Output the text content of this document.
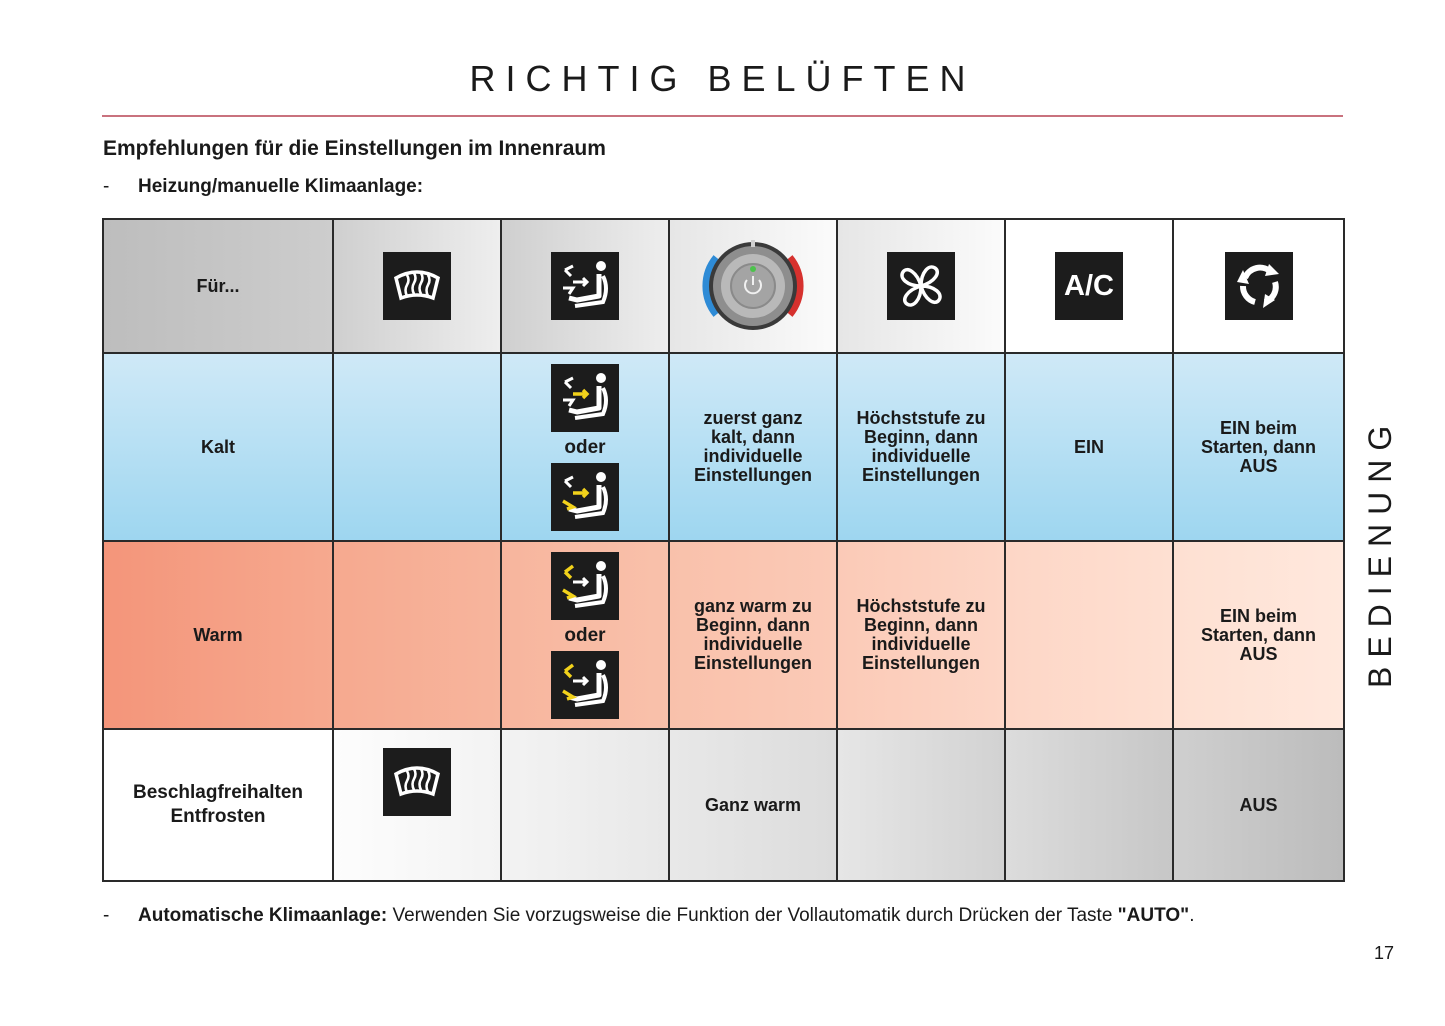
RICHTIG BELÜFTEN
Empfehlungen für die Einstellungen im Innenraum
- Heizung/manuelle Klimaanlage:
Für...					A/C

Kalt		oder	zuerst ganz kalt, dann individuelle Einstellungen	Höchststufe zu Beginn, dann individuelle Einstellungen	EIN	EIN beim Starten, dann AUS
Warm		oder	ganz warm zu Beginn, dann individuelle Einstellungen	Höchststufe zu Beginn, dann individuelle Einstellungen		EIN beim Starten, dann AUS

Beschlagfreihalten
Entfrosten			Ganz warm			AUS
- Automatische Klimaanlage: Verwenden Sie vorzugsweise die Funktion der Vollautomatik durch Drücken der Taste "AUTO".
BEDIENUNG
17
